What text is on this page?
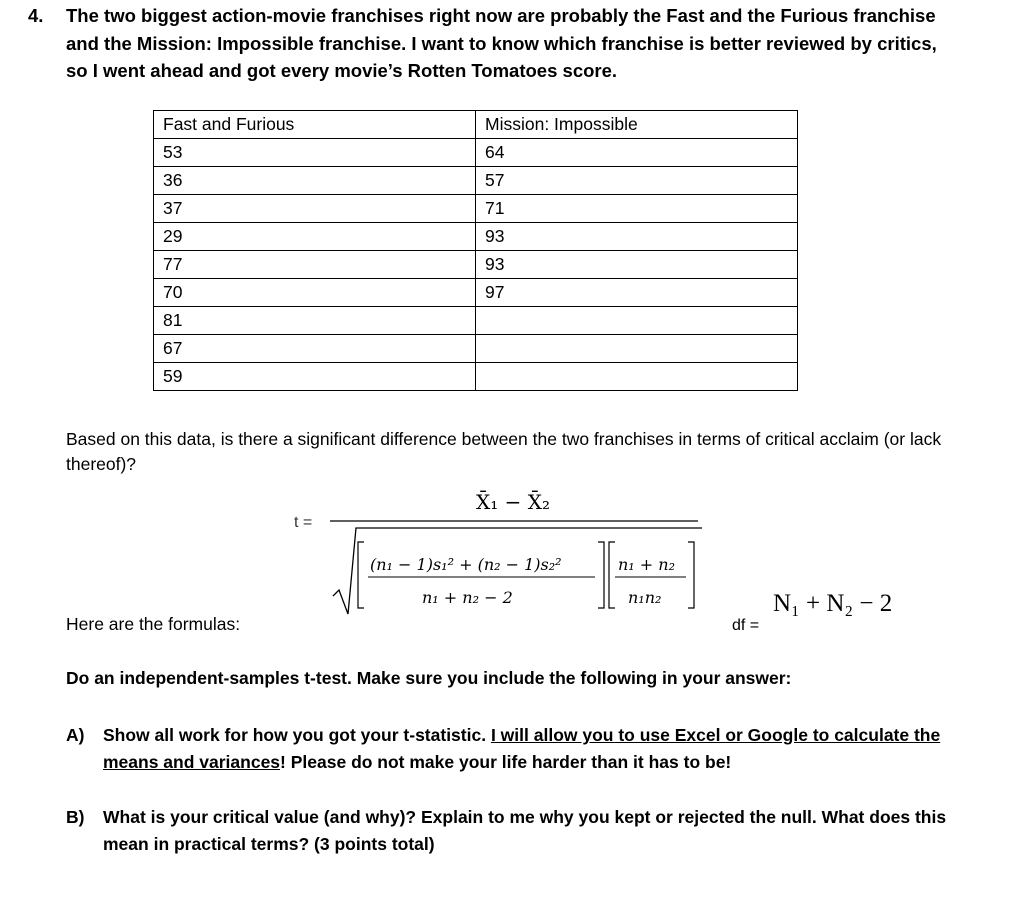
4. The two biggest action-movie franchises right now are probably the Fast and the Furious franchise and the Mission: Impossible franchise. I want to know which franchise is better reviewed by critics, so I went ahead and got every movie’s Rotten Tomatoes score.
Fast and Furious	Mission: Impossible
53	64
36	57
37	71
29	93
77	93
70	97
81	
67	
59	
Based on this data, is there a significant difference between the two franchises in terms of critical acclaim (or lack thereof)?
Here are the formulas:
t =
X̄₁ − X̄₂
(n₁ − 1)s₁² + (n₂ − 1)s₂²
n₁ + n₂ − 2
n₁ + n₂
n₁n₂
df =
N₁ + N₂ − 2
Do an independent-samples t-test. Make sure you include the following in your answer:
A) Show all work for how you got your t-statistic. I will allow you to use Excel or Google to calculate the means and variances! Please do not make your life harder than it has to be!
B) What is your critical value (and why)? Explain to me why you kept or rejected the null. What does this mean in practical terms? (3 points total)
